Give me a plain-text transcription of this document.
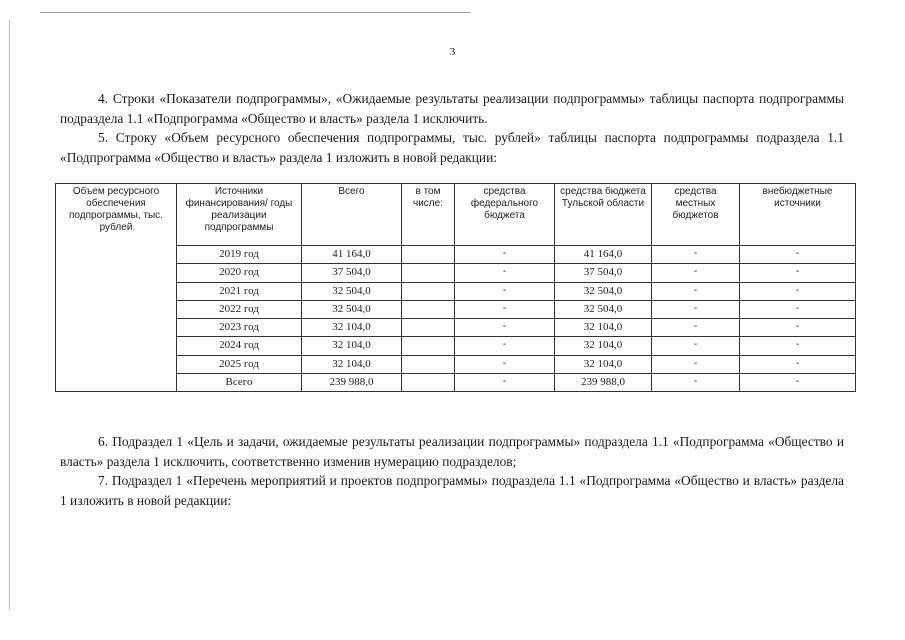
3

4. Строки «Показатели подпрограммы», «Ожидаемые результаты реализации подпрограммы» таблицы паспорта подпрограммы подраздела 1.1 «Подпрограмма «Общество и власть» раздела 1 исключить.

5. Строку «Объем ресурсного обеспечения подпрограммы, тыс. рублей» таблицы паспорта подпрограммы подраздела 1.1 «Подпрограмма «Общество и власть» раздела 1 изложить в новой редакции:

Объем ресурсного обеспечения подпрограммы, тыс. рублей	Источники финансирования/ годы реализации подпрограммы	Всего	в том числе:	средства федерального бюджета	средства бюджета Тульской области	средства местных бюджетов	внебюджетные источники
	2019 год	41 164,0		-	41 164,0	-	-
	2020 год	37 504,0		-	37 504,0	-	-
	2021 год	32 504,0		-	32 504,0	-	-
	2022 год	32 504,0		-	32 504,0	-	-
	2023 год	32 104,0		-	32 104,0	-	-
	2024 год	32 104,0		-	32 104,0	-	-
	2025 год	32 104,0		-	32 104,0	-	-
	Всего	239 988,0		-	239 988,0	-	-

6. Подраздел 1 «Цель и задачи, ожидаемые результаты реализации подпрограммы» подраздела 1.1 «Подпрограмма «Общество и власть» раздела 1 исключить, соответственно изменив нумерацию подразделов;

7. Подраздел 1 «Перечень мероприятий и проектов подпрограммы» подраздела 1.1 «Подпрограмма «Общество и власть» раздела 1 изложить в новой редакции:
